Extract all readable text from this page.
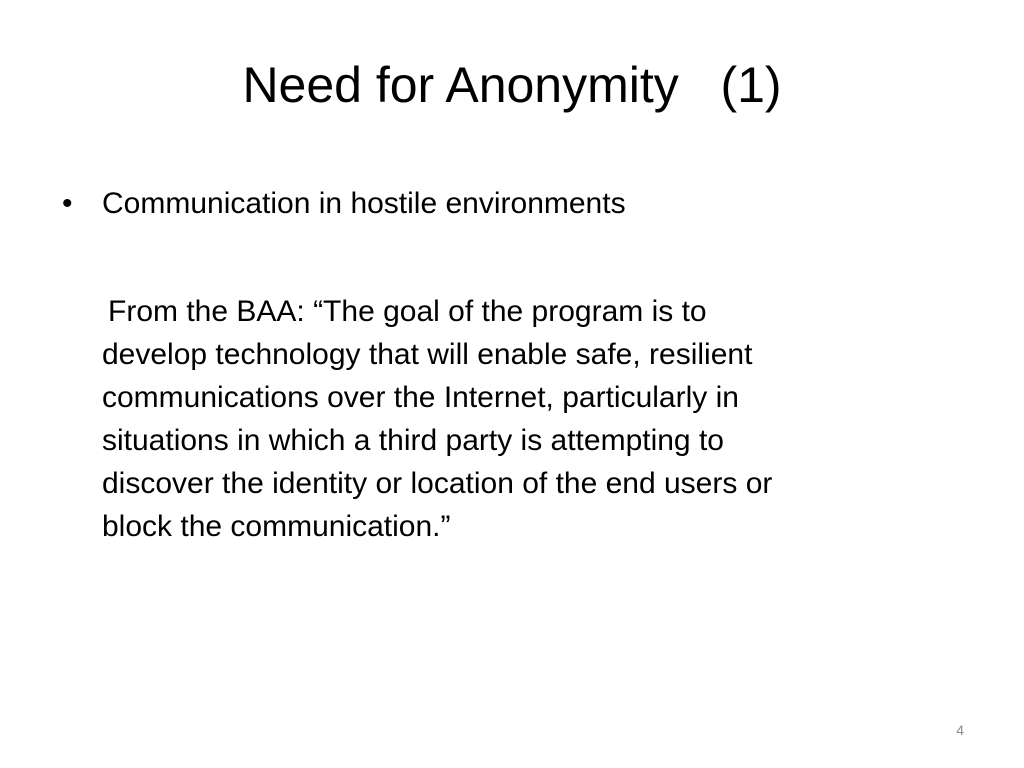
Need for Anonymity   (1)
• Communication in hostile environments
From the BAA: “The goal of the program is to
develop technology that will enable safe, resilient
communications over the Internet, particularly in
situations in which a third party is attempting to
discover the identity or location of the end users or
block the communication.”
4
